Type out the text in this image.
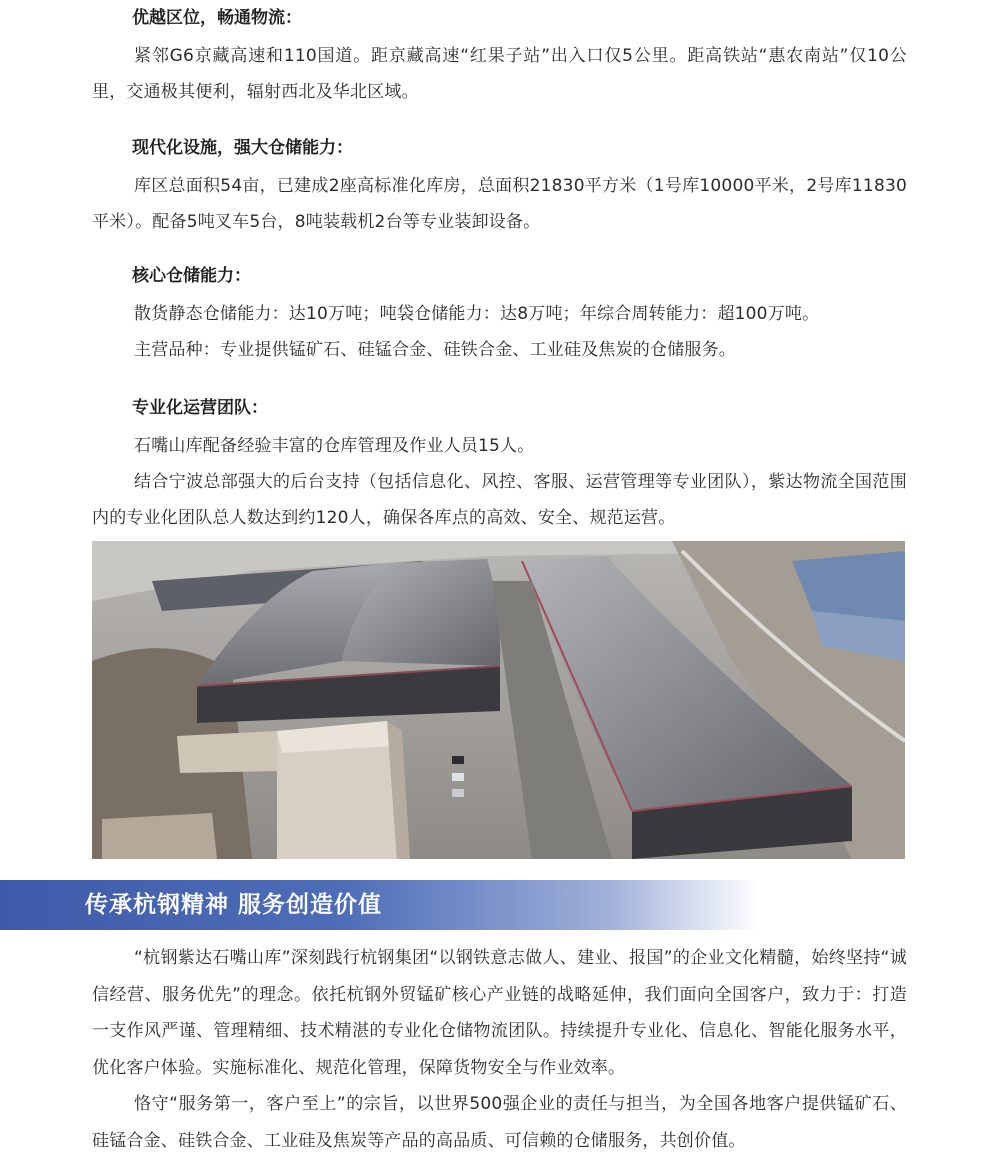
优越区位，畅通物流：

紧邻G6京藏高速和110国道。距京藏高速“红果子站”出入口仅5公里。距高铁站“惠农南站”仅10公里，交通极其便利，辐射西北及华北区域。

现代化设施，强大仓储能力：

库区总面积54亩，已建成2座高标准化库房，总面积21830平方米（1号库10000平米，2号库11830平米）。配备5吨叉车5台，8吨装载机2台等专业装卸设备。

核心仓储能力：

散货静态仓储能力：达10万吨；吨袋仓储能力：达8万吨；年综合周转能力：超100万吨。

主营品种：专业提供锰矿石、硅锰合金、硅铁合金、工业硅及焦炭的仓储服务。

专业化运营团队：

石嘴山库配备经验丰富的仓库管理及作业人员15人。

结合宁波总部强大的后台支持（包括信息化、风控、客服、运营管理等专业团队），紫达物流全国范围内的专业化团队总人数达到约120人，确保各库点的高效、安全、规范运营。

传承杭钢精神 服务创造价值

“杭钢紫达石嘴山库”深刻践行杭钢集团“以钢铁意志做人、建业、报国”的企业文化精髓，始终坚持“诚信经营、服务优先”的理念。依托杭钢外贸锰矿核心产业链的战略延伸，我们面向全国客户，致力于：打造一支作风严谨、管理精细、技术精湛的专业化仓储物流团队。持续提升专业化、信息化、智能化服务水平，优化客户体验。实施标准化、规范化管理，保障货物安全与作业效率。

恪守“服务第一，客户至上”的宗旨，以世界500强企业的责任与担当，为全国各地客户提供锰矿石、硅锰合金、硅铁合金、工业硅及焦炭等产品的高品质、可信赖的仓储服务，共创价值。
